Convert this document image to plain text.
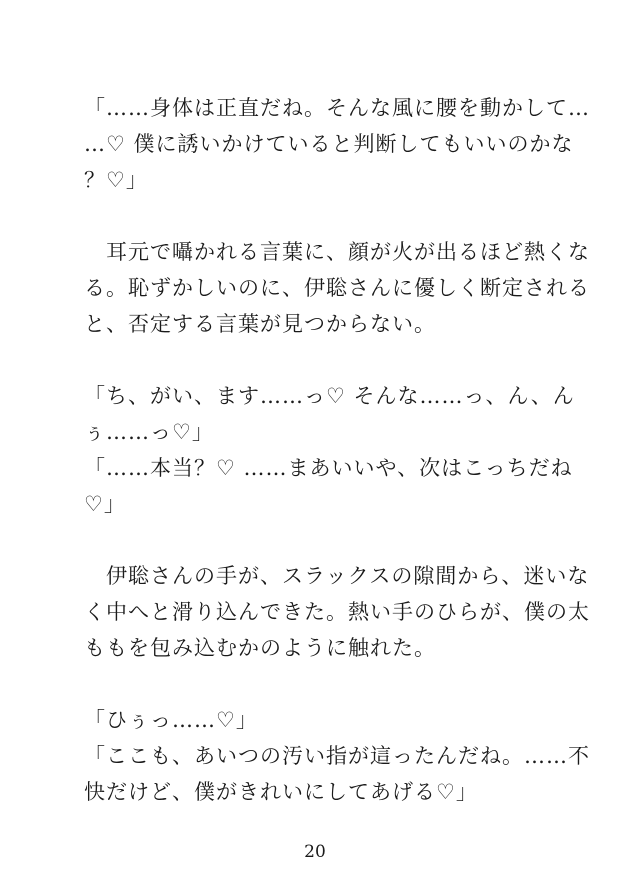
「……身体は正直だね。そんな風に腰を動かして…
…♡ 僕に誘いかけていると判断してもいいのかな
？♡」
　耳元で囁かれる言葉に、顔が火が出るほど熱くな
る。恥ずかしいのに、伊聡さんに優しく断定される
と、否定する言葉が見つからない。
「ち、がい、ます……っ♡ そんな……っ、ん、ん
ぅ……っ♡」
「……本当？♡ ……まあいいや、次はこっちだね
♡」
　伊聡さんの手が、スラックスの隙間から、迷いな
く中へと滑り込んできた。熱い手のひらが、僕の太
ももを包み込むかのように触れた。
「ひぅっ……♡」
「ここも、あいつの汚い指が這ったんだね。……不
快だけど、僕がきれいにしてあげる♡」
20
